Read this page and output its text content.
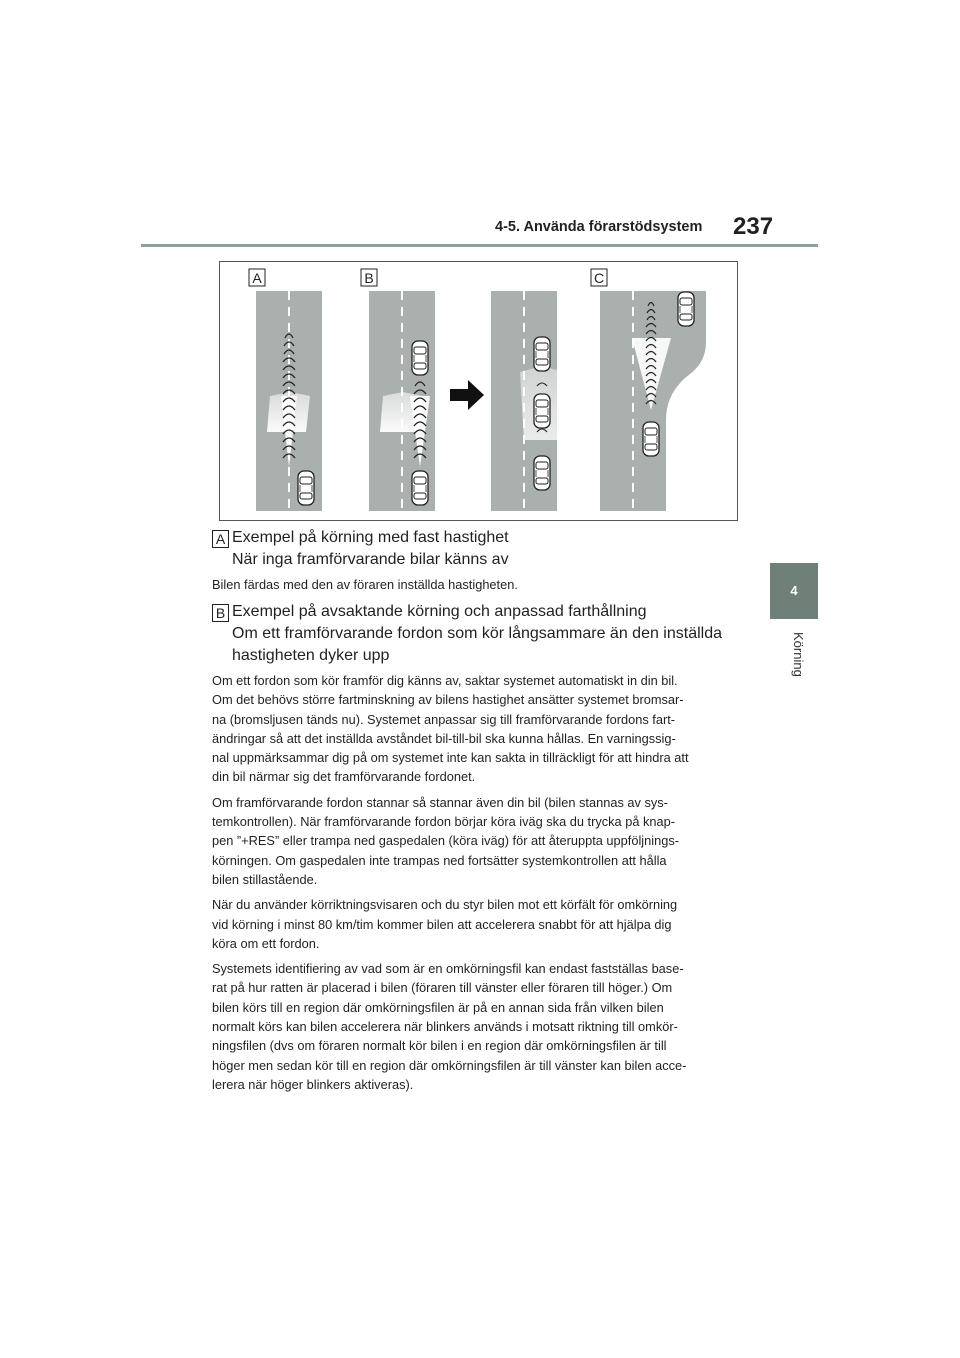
4-5. Använda förarstödsystem 237
4
Körning
A	B	C
A Exempel på körning med fast hastighet
När inga framförvarande bilar känns av
Bilen färdas med den av föraren inställda hastigheten.
B Exempel på avsaktande körning och anpassad farthållning
Om ett framförvarande fordon som kör långsammare än den inställda
hastigheten dyker upp
Om ett fordon som kör framför dig känns av, saktar systemet automatiskt in din bil.
Om det behövs större fartminskning av bilens hastighet ansätter systemet bromsar-
na (bromsljusen tänds nu). Systemet anpassar sig till framförvarande fordons fart-
ändringar så att det inställda avståndet bil-till-bil ska kunna hållas. En varningssig-
nal uppmärksammar dig på om systemet inte kan sakta in tillräckligt för att hindra att
din bil närmar sig det framförvarande fordonet.
Om framförvarande fordon stannar så stannar även din bil (bilen stannas av sys-
temkontrollen). När framförvarande fordon börjar köra iväg ska du trycka på knap-
pen ”+RES” eller trampa ned gaspedalen (köra iväg) för att återuppta uppföljnings-
körningen. Om gaspedalen inte trampas ned fortsätter systemkontrollen att hålla
bilen stillastående.
När du använder körriktningsvisaren och du styr bilen mot ett körfält för omkörning
vid körning i minst 80 km/tim kommer bilen att accelerera snabbt för att hjälpa dig
köra om ett fordon.
Systemets identifiering av vad som är en omkörningsfil kan endast fastställas base-
rat på hur ratten är placerad i bilen (föraren till vänster eller föraren till höger.) Om
bilen körs till en region där omkörningsfilen är på en annan sida från vilken bilen
normalt körs kan bilen accelerera när blinkers används i motsatt riktning till omkör-
ningsfilen (dvs om föraren normalt kör bilen i en region där omkörningsfilen är till
höger men sedan kör till en region där omkörningsfilen är till vänster kan bilen acce-
lerera när höger blinkers aktiveras).
